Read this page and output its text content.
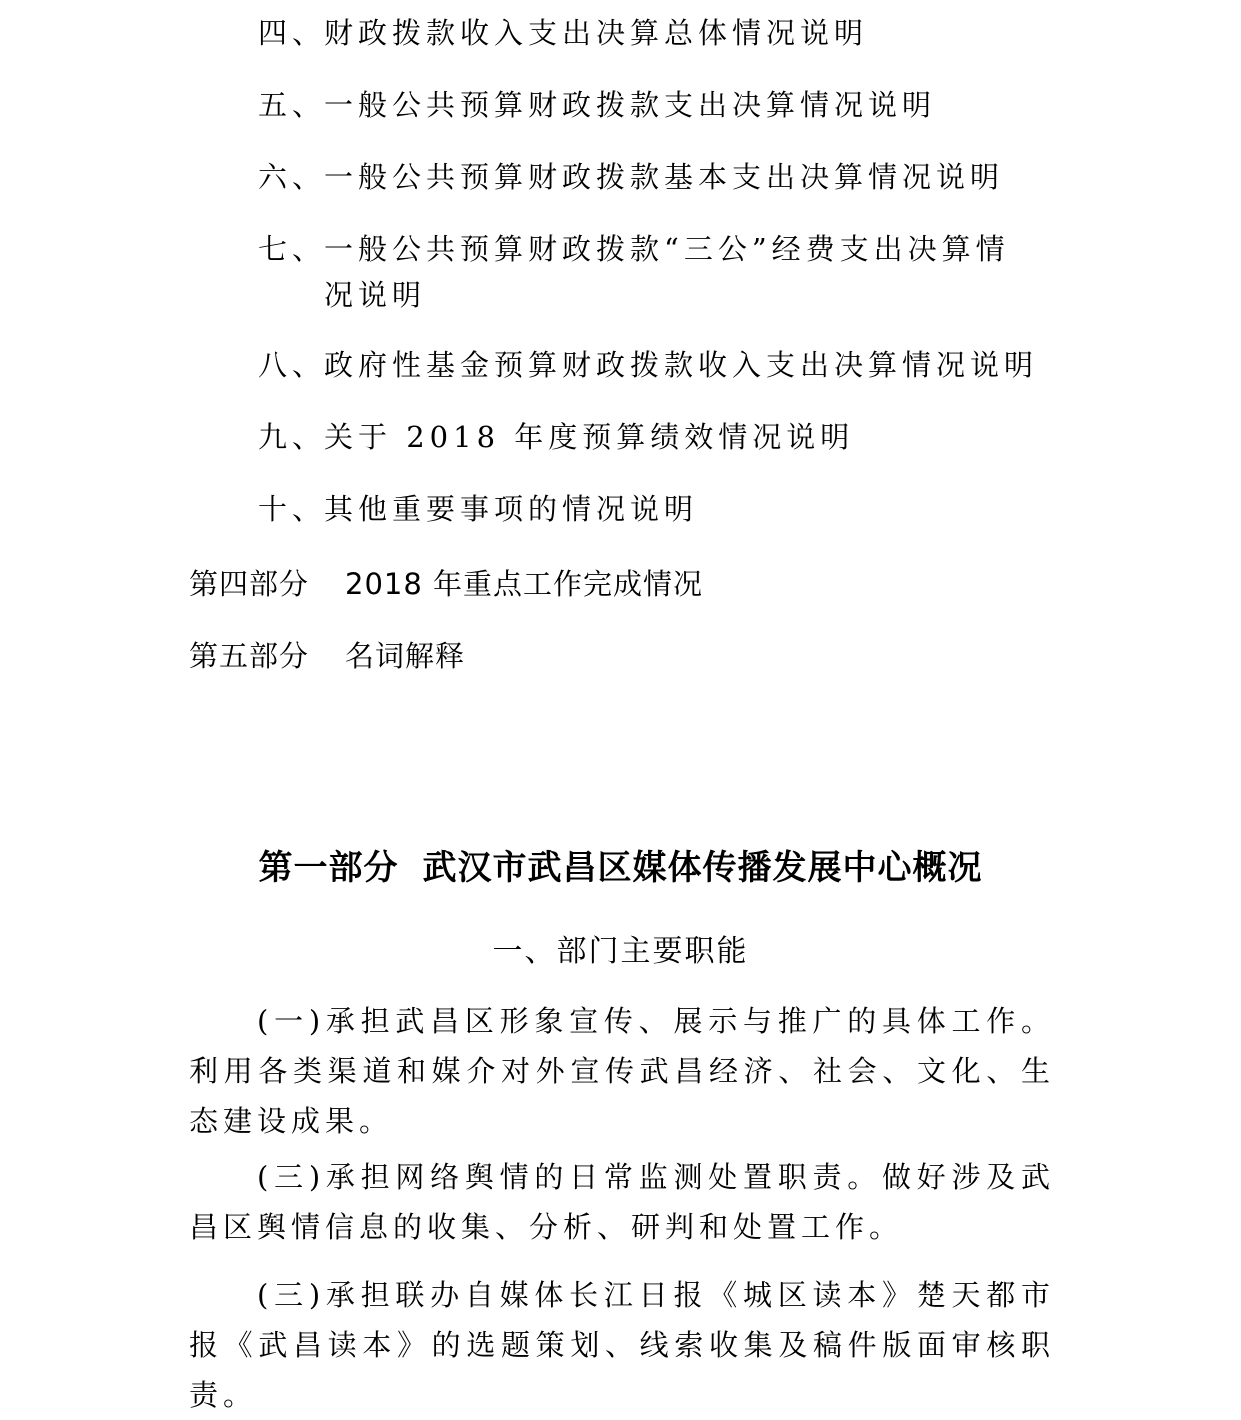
四、财政拨款收入支出决算总体情况说明
五、一般公共预算财政拨款支出决算情况说明
六、一般公共预算财政拨款基本支出决算情况说明
七、一般公共预算财政拨款“三公”经费支出决算情
况说明
八、政府性基金预算财政拨款收入支出决算情况说明
九、关于 2018 年度预算绩效情况说明
十、其他重要事项的情况说明
第四部分 2018 年重点工作完成情况
第五部分 名词解释
第一部分 武汉市武昌区媒体传播发展中心概况
一、部门主要职能

(一)承担武昌区形象宣传、展示与推广的具体工作。利用各类渠道和媒介对外宣传武昌经济、社会、文化、生态建设成果。

(三)承担网络舆情的日常监测处置职责。做好涉及武昌区舆情信息的收集、分析、研判和处置工作。

(三)承担联办自媒体长江日报《城区读本》楚天都市报《武昌读本》的选题策划、线索收集及稿件版面审核职责。
